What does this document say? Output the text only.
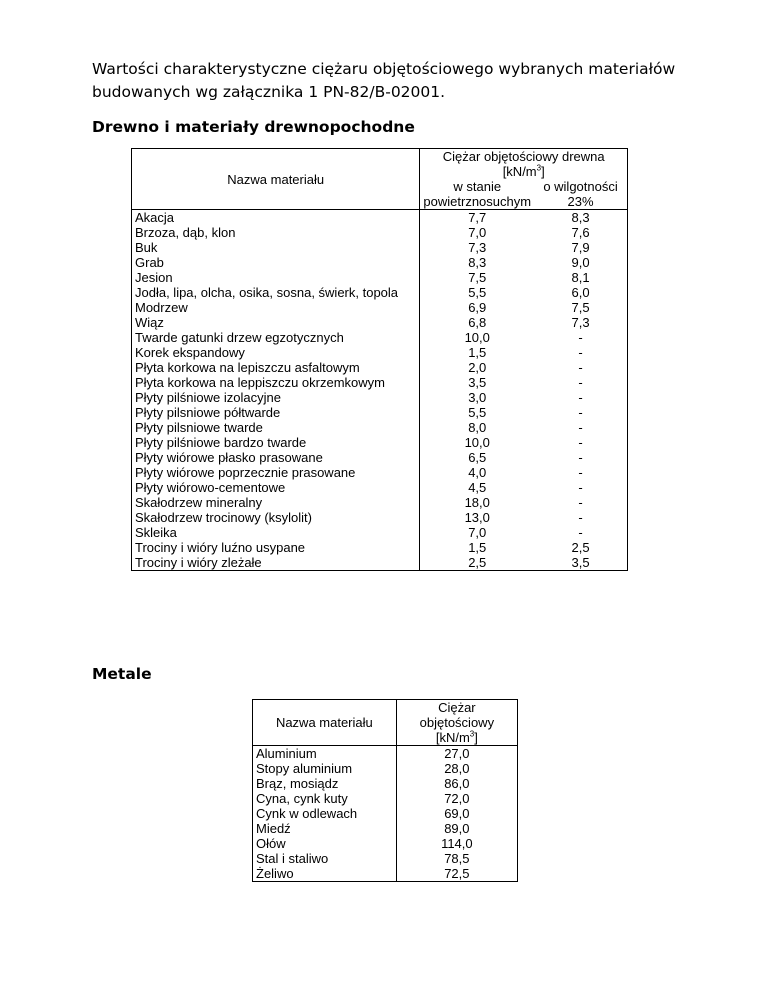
Wartości charakterystyczne ciężaru objętościowego wybranych materiałów budowanych wg załącznika 1 PN-82/B-02001.
Drewno i materiały drewnopochodne
Nazwa materiału	Ciężar objętościowy drewna	
	$[kN/m^3]$	
	w stanie	o wilgotności
	powietrznosuchym	23%
Akacja	7,7	8,3
Brzoza, dąb, klon	7,0	7,6
Buk	7,3	7,9
Grab	8,3	9,0
Jesion	7,5	8,1
Jodła, lipa, olcha, osika, sosna, świerk, topola	5,5	6,0
Modrzew	6,9	7,5
Wiąz	6,8	7,3
Twarde gatunki drzew egzotycznych	10,0	-
Korek ekspandowy	1,5	-
Płyta korkowa na lepiszczu asfaltowym	2,0	-
Płyta korkowa na leppiszczu okrzemkowym	3,5	-
Płyty pilśniowe izolacyjne	3,0	-
Płyty pilsniowe półtwarde	5,5	-
Płyty pilsniowe twarde	8,0	-
Płyty pilśniowe bardzo twarde	10,0	-
Płyty wiórowe płasko prasowane	6,5	-
Płyty wiórowe poprzecznie prasowane	4,0	-
Płyty wiórowo-cementowe	4,5	-
Skałodrzew mineralny	18,0	-
Skałodrzew trocinowy (ksylolit)	13,0	-
Skleika	7,0	-
Trociny i wióry luźno usypane	1,5	2,5
Trociny i wióry zleżałe	2,5	3,5
Metale
Nazwa materiału	Ciężar objętościowy
	$[kN/m^3]$
Aluminium	27,0
Stopy aluminium	28,0
Brąz, mosiądz	86,0
Cyna, cynk kuty	72,0
Cynk w odlewach	69,0
Miedź	89,0
Ołów	114,0
Stal i staliwo	78,5
Żeliwo	72,5
